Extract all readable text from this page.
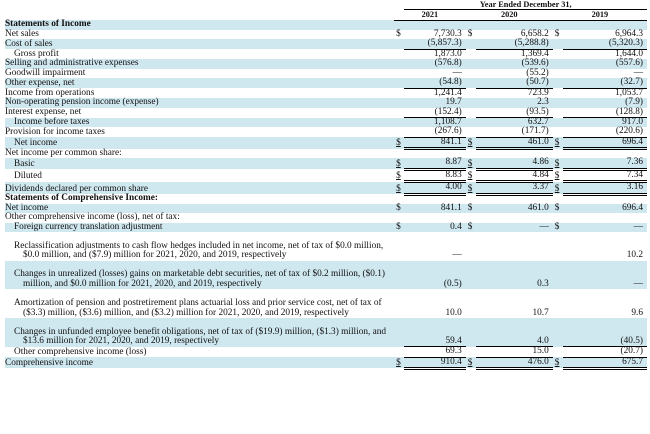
		Year Ended December 31,				
	2021		2020		2019	
Statements of Income						
Net sales	$	7,730.3	$	6,658.2	$	6,964.3
Cost of sales		(5,857.3)		(5,288.8)		(5,320.3)
Gross profit		1,873.0		1,369.4		1,644.0
Selling and administrative expenses		(576.8)		(539.6)		(557.6)
Goodwill impairment		—		(55.2)		—
Other expense, net		(54.8)		(50.7)		(32.7)
Income from operations		1,241.4		723.9		1,053.7
Non-operating pension income (expense)		19.7		2.3		(7.9)
Interest expense, net		(152.4)		(93.5)		(128.8)
Income before taxes		1,108.7		632.7		917.0
Provision for income taxes		(267.6)		(171.7)		(220.6)
Net income	$	841.1	$	461.0	$	696.4
Net income per common share:						
Basic	$	8.87	$	4.86	$	7.36
Diluted	$	8.83	$	4.84	$	7.34
Dividends declared per common share	$	4.00	$	3.37	$	3.16
Statements of Comprehensive Income:						
Net income	$	841.1	$	461.0	$	696.4
Other comprehensive income (loss), net of tax:						
Foreign currency translation adjustment	$	0.4	$	—	$	—

Reclassification adjustments to cash flow hedges included in net income, net of tax of $0.0 million, $0.0 million, and ($7.9) million for 2021, 2020, and 2019, respectively		—				10.2

Changes in unrealized (losses) gains on marketable debt securities, net of tax of $0.2 million, ($0.1) million, and $0.0 million for 2021, 2020, and 2019, respectively		(0.5)		0.3		—

Amortization of pension and postretirement plans actuarial loss and prior service cost, net of tax of ($3.3) million, ($3.6) million, and ($3.2) million for 2021, 2020, and 2019, respectively		10.0		10.7		9.6

Changes in unfunded employee benefit obligations, net of tax of ($19.9) million, ($1.3) million, and $13.6 million for 2021, 2020, and 2019, respectively		59.4		4.0		(40.5)
Other comprehensive income (loss)		69.3		15.0		(20.7)
Comprehensive income	$	910.4	$	476.0	$	675.7
